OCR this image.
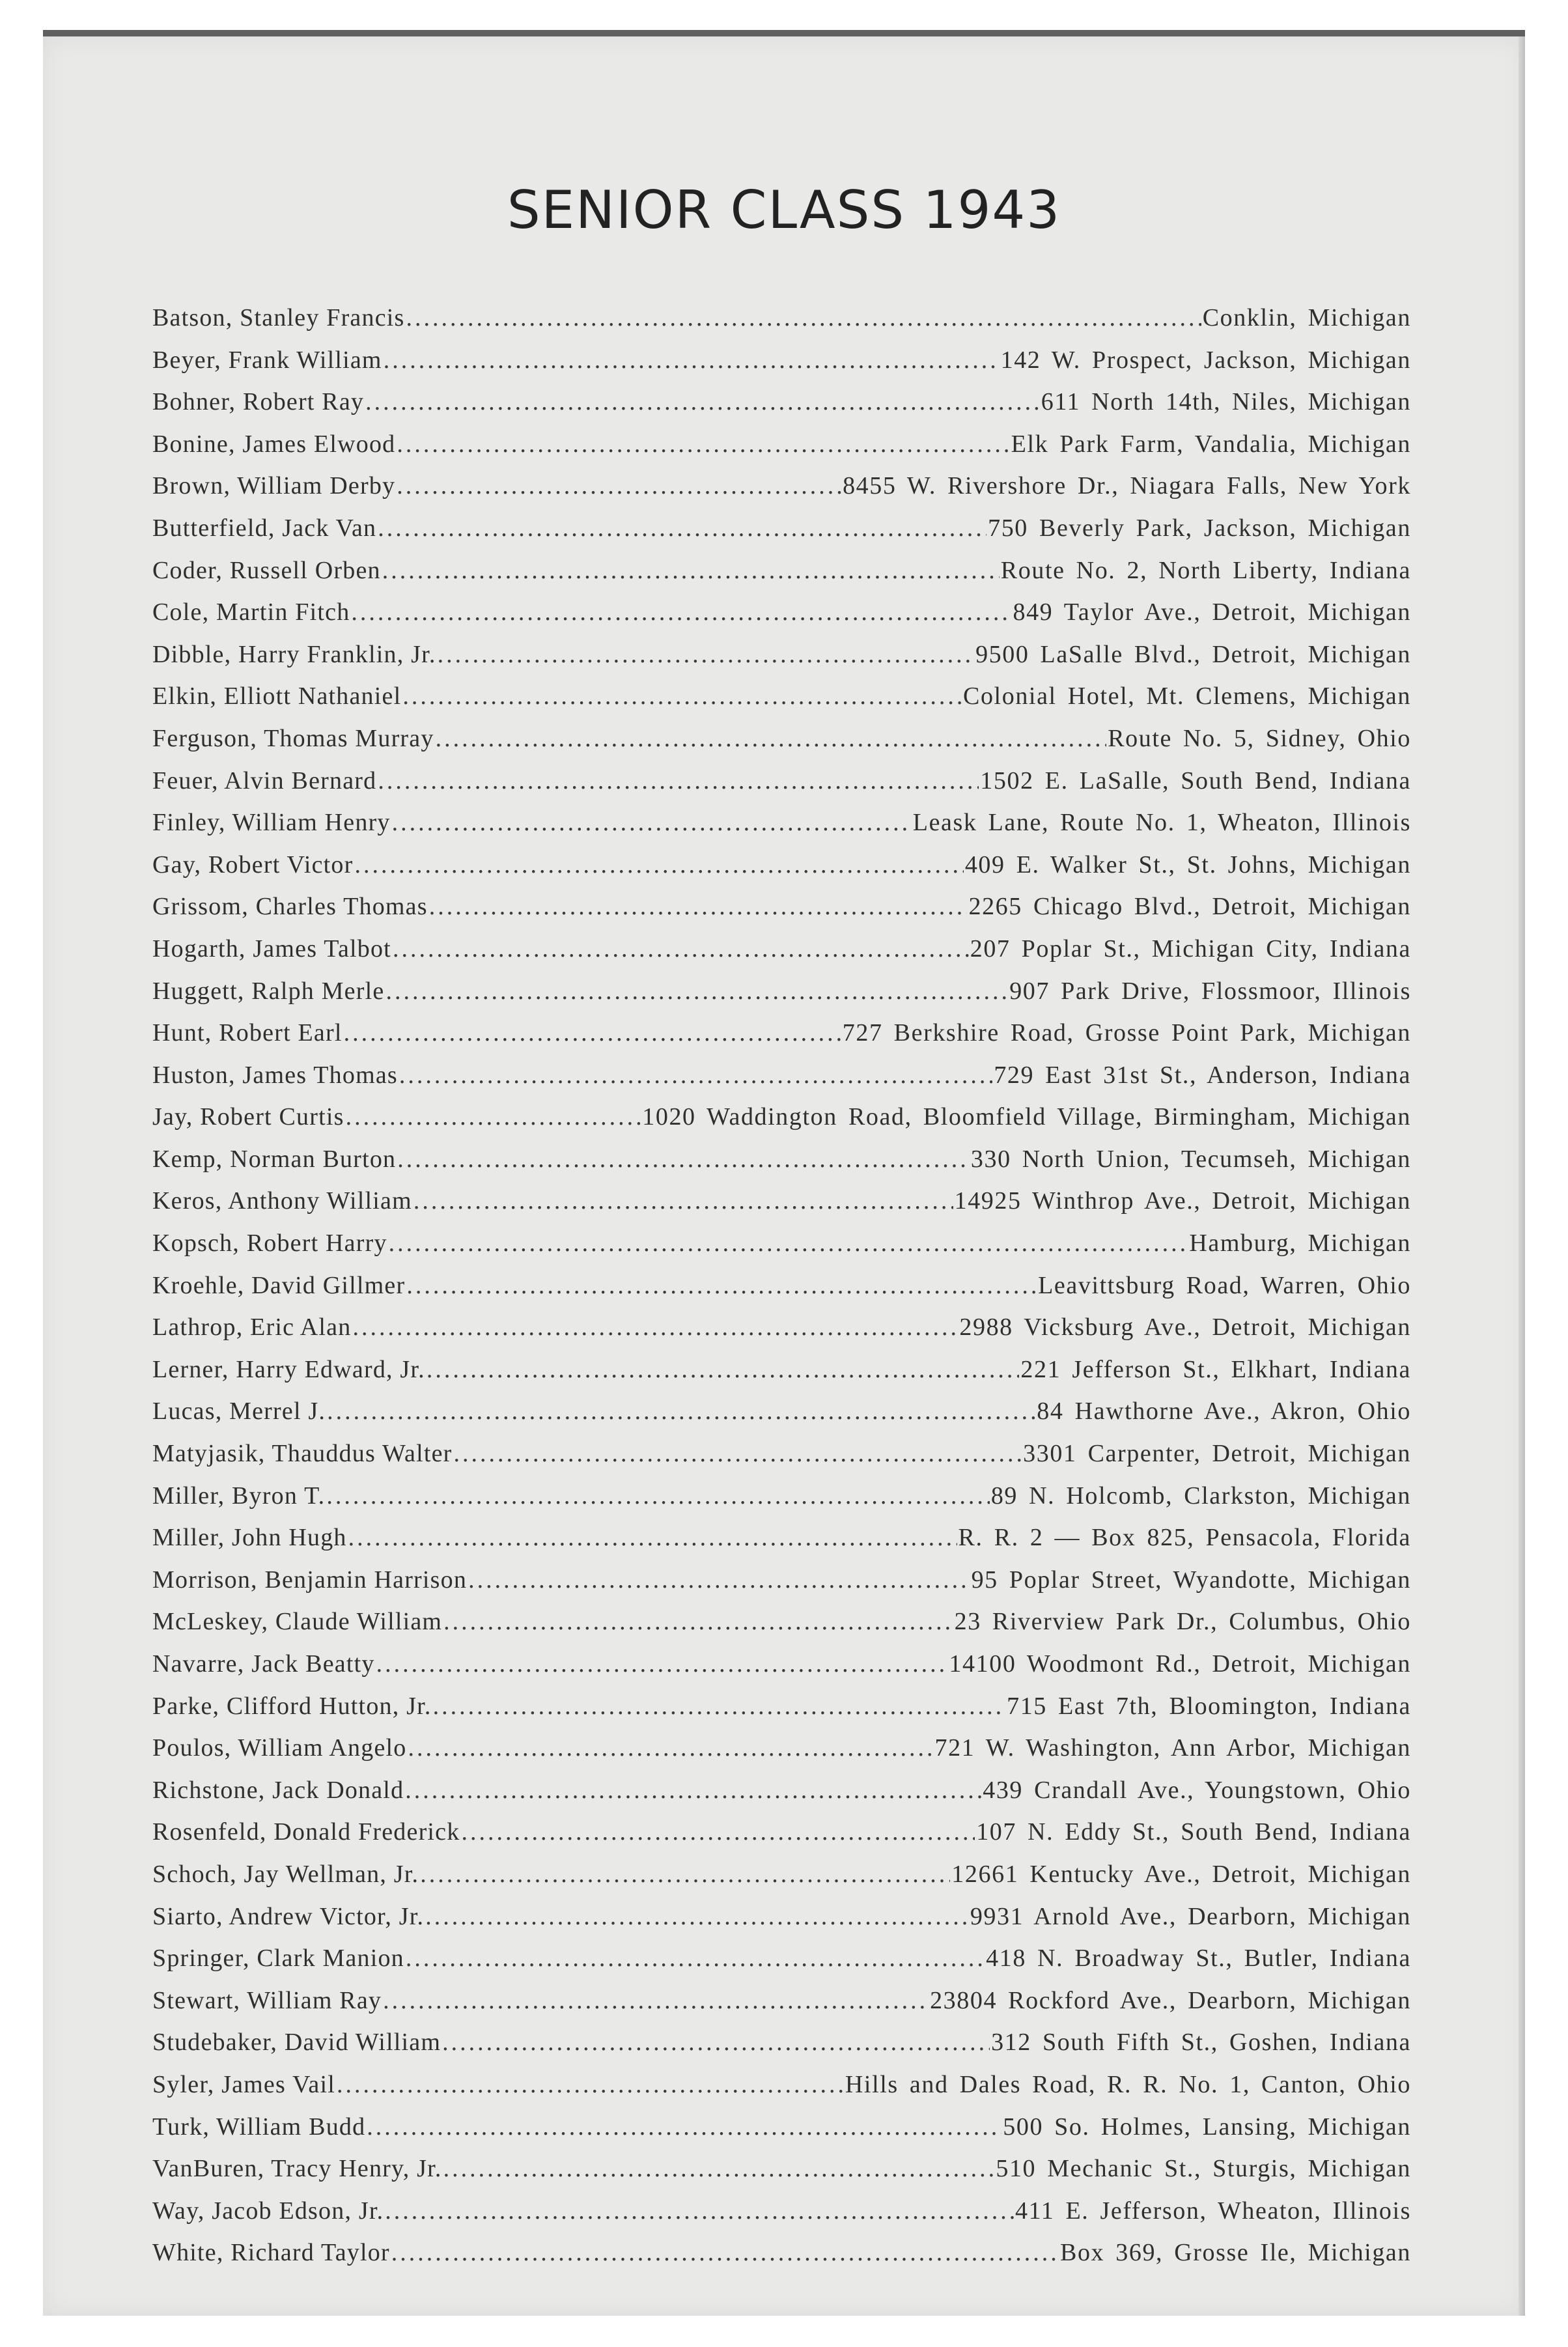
SENIOR CLASS 1943
Batson, Stanley Francis .....	Conklin, Michigan
Beyer, Frank William .....	142 W. Prospect, Jackson, Michigan
Bohner, Robert Ray .....	611 North 14th, Niles, Michigan
Bonine, James Elwood .....	Elk Park Farm, Vandalia, Michigan
Brown, William Derby .....	8455 W. Rivershore Dr., Niagara Falls, New York
Butterfield, Jack Van .....	750 Beverly Park, Jackson, Michigan
Coder, Russell Orben .....	Route No. 2, North Liberty, Indiana
Cole, Martin Fitch .....	849 Taylor Ave., Detroit, Michigan
Dibble, Harry Franklin, Jr. .....	9500 LaSalle Blvd., Detroit, Michigan
Elkin, Elliott Nathaniel .....	Colonial Hotel, Mt. Clemens, Michigan
Ferguson, Thomas Murray .....	Route No. 5, Sidney, Ohio
Feuer, Alvin Bernard .....	1502 E. LaSalle, South Bend, Indiana
Finley, William Henry .....	Leask Lane, Route No. 1, Wheaton, Illinois
Gay, Robert Victor .....	409 E. Walker St., St. Johns, Michigan
Grissom, Charles Thomas .....	2265 Chicago Blvd., Detroit, Michigan
Hogarth, James Talbot .....	207 Poplar St., Michigan City, Indiana
Huggett, Ralph Merle .....	907 Park Drive, Flossmoor, Illinois
Hunt, Robert Earl .....	727 Berkshire Road, Grosse Point Park, Michigan
Huston, James Thomas .....	729 East 31st St., Anderson, Indiana
Jay, Robert Curtis .....	1020 Waddington Road, Bloomfield Village, Birmingham, Michigan
Kemp, Norman Burton .....	330 North Union, Tecumseh, Michigan
Keros, Anthony William .....	14925 Winthrop Ave., Detroit, Michigan
Kopsch, Robert Harry .....	Hamburg, Michigan
Kroehle, David Gillmer .....	Leavittsburg Road, Warren, Ohio
Lathrop, Eric Alan .....	2988 Vicksburg Ave., Detroit, Michigan
Lerner, Harry Edward, Jr. .....	221 Jefferson St., Elkhart, Indiana
Lucas, Merrel J. .....	84 Hawthorne Ave., Akron, Ohio
Matyjasik, Thauddus Walter .....	3301 Carpenter, Detroit, Michigan
Miller, Byron T. .....	89 N. Holcomb, Clarkston, Michigan
Miller, John Hugh .....	R. R. 2 — Box 825, Pensacola, Florida
Morrison, Benjamin Harrison .....	95 Poplar Street, Wyandotte, Michigan
McLeskey, Claude William .....	23 Riverview Park Dr., Columbus, Ohio
Navarre, Jack Beatty .....	14100 Woodmont Rd., Detroit, Michigan
Parke, Clifford Hutton, Jr. .....	715 East 7th, Bloomington, Indiana
Poulos, William Angelo .....	721 W. Washington, Ann Arbor, Michigan
Richstone, Jack Donald .....	439 Crandall Ave., Youngstown, Ohio
Rosenfeld, Donald Frederick .....	107 N. Eddy St., South Bend, Indiana
Schoch, Jay Wellman, Jr. .....	12661 Kentucky Ave., Detroit, Michigan
Siarto, Andrew Victor, Jr. .....	9931 Arnold Ave., Dearborn, Michigan
Springer, Clark Manion .....	418 N. Broadway St., Butler, Indiana
Stewart, William Ray .....	23804 Rockford Ave., Dearborn, Michigan
Studebaker, David William .....	312 South Fifth St., Goshen, Indiana
Syler, James Vail .....	Hills and Dales Road, R. R. No. 1, Canton, Ohio
Turk, William Budd .....	500 So. Holmes, Lansing, Michigan
VanBuren, Tracy Henry, Jr. .....	510 Mechanic St., Sturgis, Michigan
Way, Jacob Edson, Jr. .....	411 E. Jefferson, Wheaton, Illinois
White, Richard Taylor .....	Box 369, Grosse Ile, Michigan
